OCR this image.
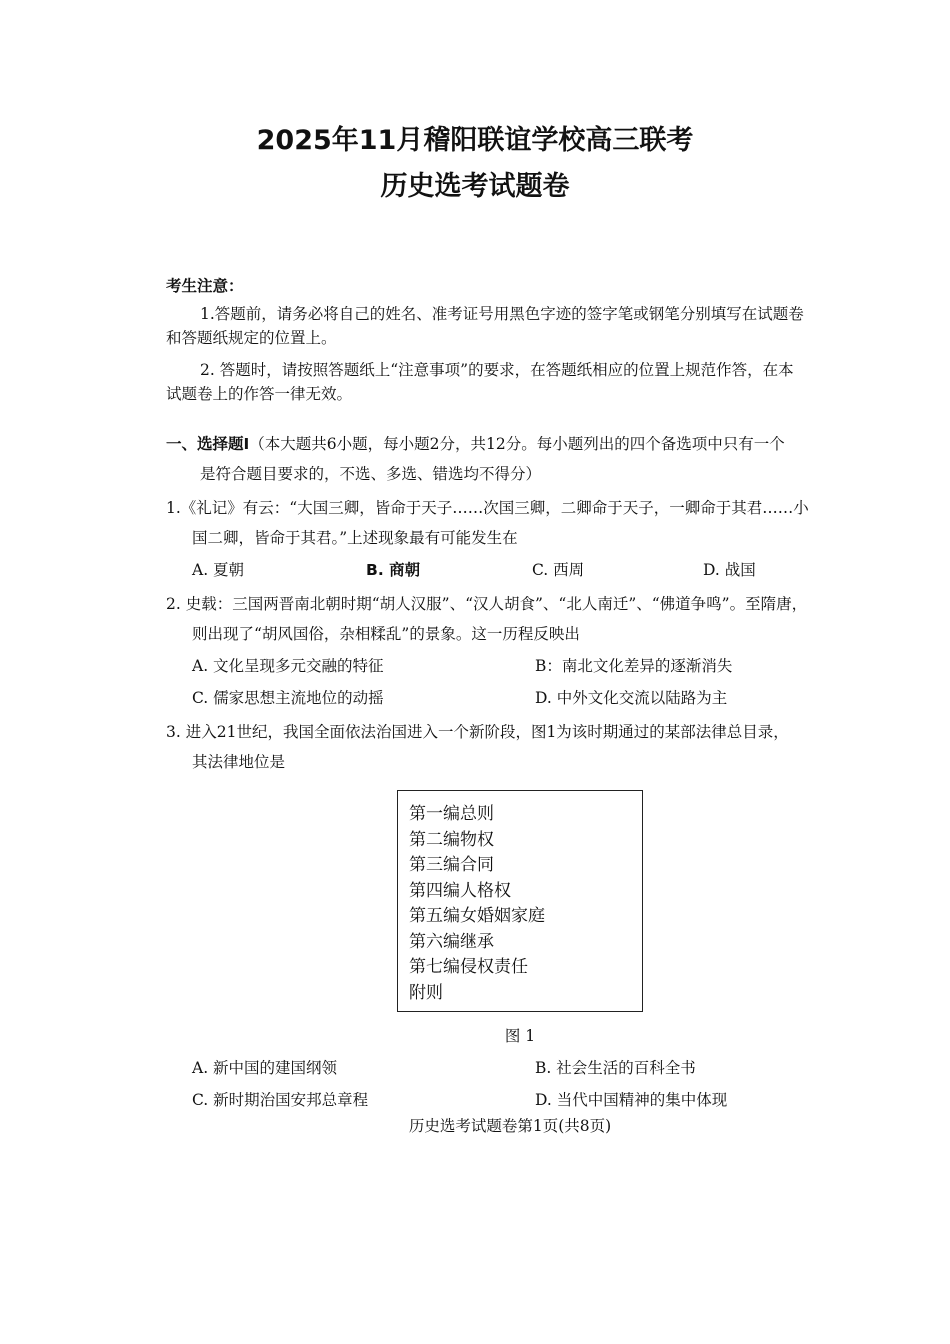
2025年11月稽阳联谊学校高三联考
历史选考试题卷
考生注意：
1.答题前，请务必将自己的姓名、准考证号用黑色字迹的签字笔或钢笔分别填写在试题卷
和答题纸规定的位置上。
2. 答题时，请按照答题纸上“注意事项”的要求，在答题纸相应的位置上规范作答，在本
试题卷上的作答一律无效。
一、选择题Ⅰ（本大题共6小题，每小题2分，共12分。每小题列出的四个备选项中只有一个
是符合题目要求的，不选、多选、错选均不得分）
1.《礼记》有云：“大国三卿，皆命于天子……次国三卿，二卿命于天子，一卿命于其君……小
国二卿，皆命于其君。”上述现象最有可能发生在
A. 夏朝	B. 商朝	C. 西周	D. 战国
2. 史载：三国两晋南北朝时期“胡人汉服”、“汉人胡食”、“北人南迁”、“佛道争鸣”。至隋唐，
则出现了“胡风国俗，杂相糅乱”的景象。这一历程反映出
A. 文化呈现多元交融的特征	B：南北文化差异的逐渐消失
C. 儒家思想主流地位的动摇	D. 中外文化交流以陆路为主
3. 进入21世纪，我国全面依法治国进入一个新阶段，图1为该时期通过的某部法律总目录，
其法律地位是
第一编总则
第二编物权
第三编合同
第四编人格权
第五编女婚姻家庭
第六编继承
第七编侵权责任
附则
图 1
A. 新中国的建国纲领	B. 社会生活的百科全书
C. 新时期治国安邦总章程	D. 当代中国精神的集中体现
历史选考试题卷第1页(共8页)
